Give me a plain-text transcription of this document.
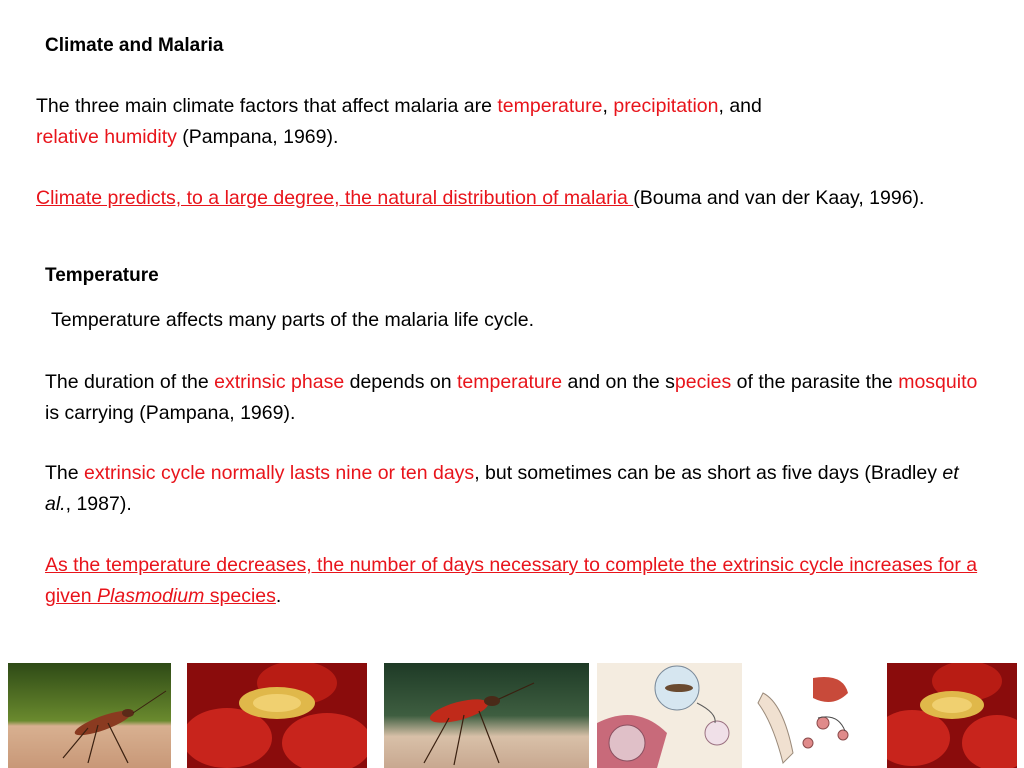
Climate and Malaria

The three main climate factors that affect malaria are temperature, precipitation, and
relative humidity (Pampana, 1969).

Climate predicts, to a large degree, the natural distribution of malaria (Bouma and van der Kaay, 1996).

Temperature

Temperature affects many parts of the malaria life cycle.

The duration of the extrinsic phase depends on temperature and on the species of the parasite the mosquito is carrying (Pampana, 1969).

The extrinsic cycle normally lasts nine or ten days, but sometimes can be as short as five days (Bradley et al., 1987).

As the temperature decreases, the number of days necessary to complete the extrinsic cycle increases for a given Plasmodium species.
